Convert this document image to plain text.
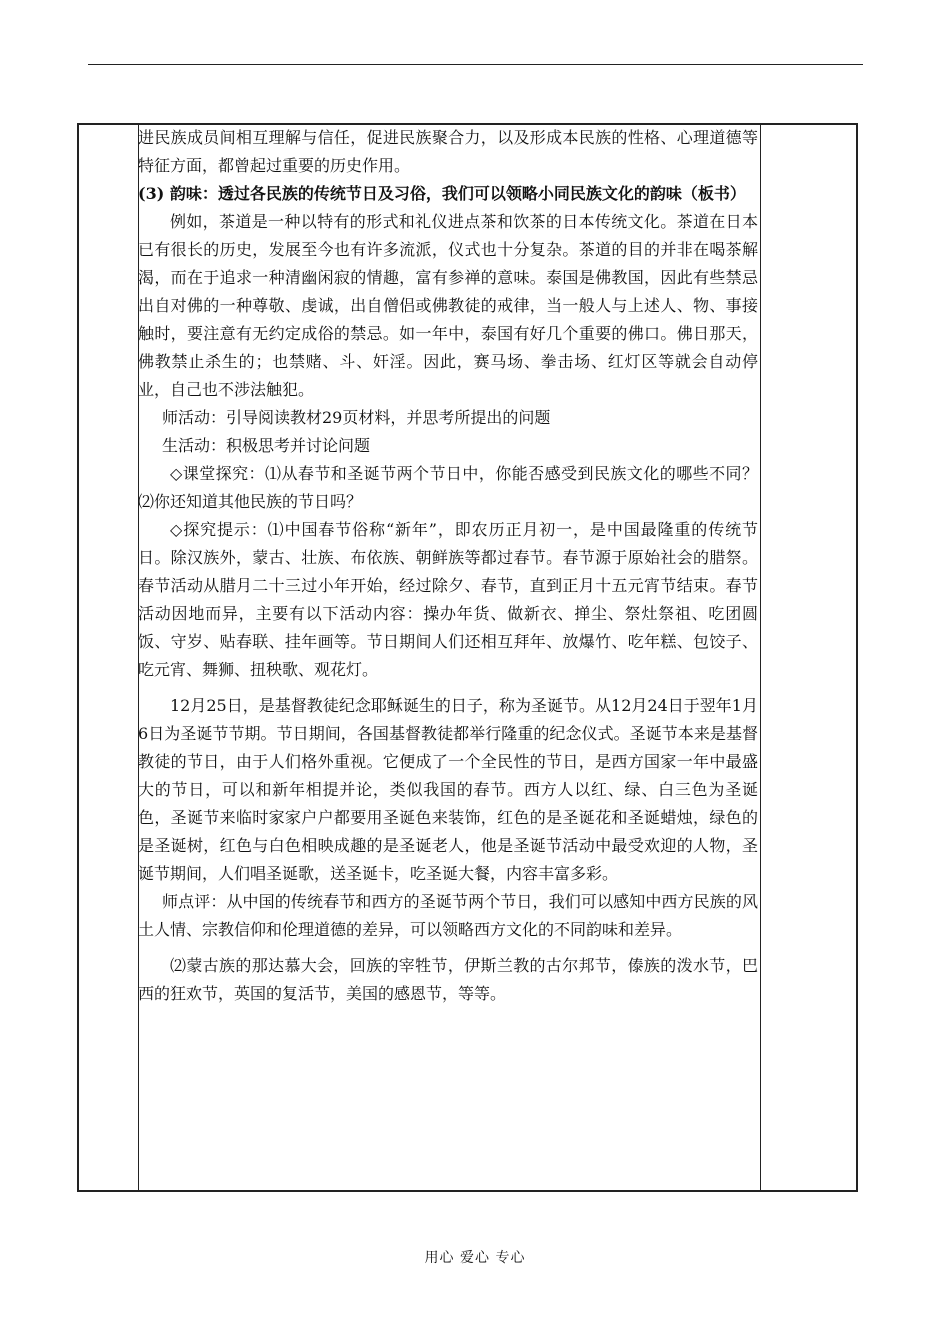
进民族成员间相互理解与信任，促进民族聚合力，以及形成本民族的性格、心理道德等特征方面，都曾起过重要的历史作用。

(3) 韵味：透过各民族的传统节日及习俗，我们可以领略小同民族文化的韵味（板书）

例如，茶道是一种以特有的形式和礼仪进点茶和饮茶的日本传统文化。茶道在日本已有很长的历史，发展至今也有许多流派，仪式也十分复杂。茶道的目的并非在喝茶解渴，而在于追求一种清幽闲寂的情趣，富有参禅的意味。泰国是佛教国，因此有些禁忌出自对佛的一种尊敬、虔诚，出自僧侣或佛教徒的戒律，当一般人与上述人、物、事接触时，要注意有无约定成俗的禁忌。如一年中，泰国有好几个重要的佛口。佛日那天，佛教禁止杀生的；也禁赌、斗、奸淫。因此，赛马场、拳击场、红灯区等就会自动停业，自己也不涉法触犯。

师活动：引导阅读教材29页材料，并思考所提出的问题

生活动：积极思考并讨论问题

◇课堂探究：⑴从春节和圣诞节两个节日中，你能否感受到民族文化的哪些不同？　⑵你还知道其他民族的节日吗？

◇探究提示：⑴中国春节俗称“新年”，即农历正月初一，是中国最隆重的传统节日。除汉族外，蒙古、壮族、布依族、朝鲜族等都过春节。春节源于原始社会的腊祭。春节活动从腊月二十三过小年开始，经过除夕、春节，直到正月十五元宵节结束。春节活动因地而异，主要有以下活动内容：操办年货、做新衣、掸尘、祭灶祭祖、吃团圆饭、守岁、贴春联、挂年画等。节日期间人们还相互拜年、放爆竹、吃年糕、包饺子、吃元宵、舞狮、扭秧歌、观花灯。

12月25日，是基督教徒纪念耶稣诞生的日子，称为圣诞节。从12月24日于翌年1月6日为圣诞节节期。节日期间，各国基督教徒都举行隆重的纪念仪式。圣诞节本来是基督教徒的节日，由于人们格外重视。它便成了一个全民性的节日，是西方国家一年中最盛大的节日，可以和新年相提并论，类似我国的春节。西方人以红、绿、白三色为圣诞色，圣诞节来临时家家户户都要用圣诞色来装饰，红色的是圣诞花和圣诞蜡烛，绿色的是圣诞树，红色与白色相映成趣的是圣诞老人，他是圣诞节活动中最受欢迎的人物，圣诞节期间，人们唱圣诞歌，送圣诞卡，吃圣诞大餐，内容丰富多彩。

师点评：从中国的传统春节和西方的圣诞节两个节日，我们可以感知中西方民族的风土人情、宗教信仰和伦理道德的差异，可以领略西方文化的不同韵味和差异。

⑵蒙古族的那达慕大会，回族的宰牲节，伊斯兰教的古尔邦节，傣族的泼水节，巴西的狂欢节，英国的复活节，美国的感恩节，等等。

用心 爱心 专心
